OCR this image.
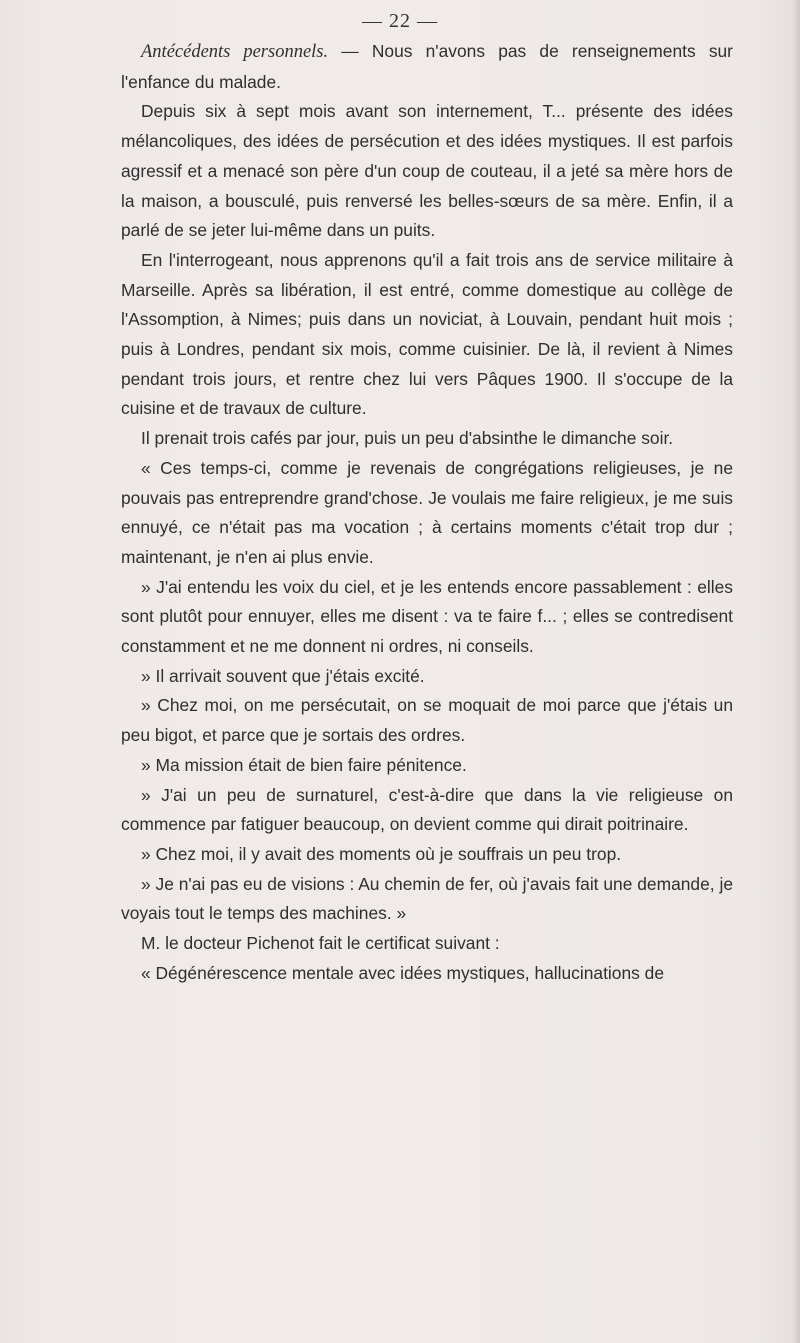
— 22 —

Antécédents personnels. — Nous n'avons pas de renseignements sur l'enfance du malade.

Depuis six à sept mois avant son internement, T... présente des idées mélancoliques, des idées de persécution et des idées mystiques. Il est parfois agressif et a menacé son père d'un coup de couteau, il a jeté sa mère hors de la maison, a bousculé, puis renversé les belles-sœurs de sa mère. Enfin, il a parlé de se jeter lui-même dans un puits.

En l'interrogeant, nous apprenons qu'il a fait trois ans de service militaire à Marseille. Après sa libération, il est entré, comme domestique au collège de l'Assomption, à Nimes; puis dans un noviciat, à Louvain, pendant huit mois ; puis à Londres, pendant six mois, comme cuisinier. De là, il revient à Nimes pendant trois jours, et rentre chez lui vers Pâques 1900. Il s'occupe de la cuisine et de travaux de culture.

Il prenait trois cafés par jour, puis un peu d'absinthe le dimanche soir.

« Ces temps-ci, comme je revenais de congrégations religieuses, je ne pouvais pas entreprendre grand'chose. Je voulais me faire religieux, je me suis ennuyé, ce n'était pas ma vocation ; à certains moments c'était trop dur ; maintenant, je n'en ai plus envie.

» J'ai entendu les voix du ciel, et je les entends encore passablement : elles sont plutôt pour ennuyer, elles me disent : va te faire f... ; elles se contredisent constamment et ne me donnent ni ordres, ni conseils.

» Il arrivait souvent que j'étais excité.

» Chez moi, on me persécutait, on se moquait de moi parce que j'étais un peu bigot, et parce que je sortais des ordres.

» Ma mission était de bien faire pénitence.

» J'ai un peu de surnaturel, c'est-à-dire que dans la vie religieuse on commence par fatiguer beaucoup, on devient comme qui dirait poitrinaire.

» Chez moi, il y avait des moments où je souffrais un peu trop.

» Je n'ai pas eu de visions : Au chemin de fer, où j'avais fait une demande, je voyais tout le temps des machines. »

M. le docteur Pichenot fait le certificat suivant :

« Dégénérescence mentale avec idées mystiques, hallucinations de
